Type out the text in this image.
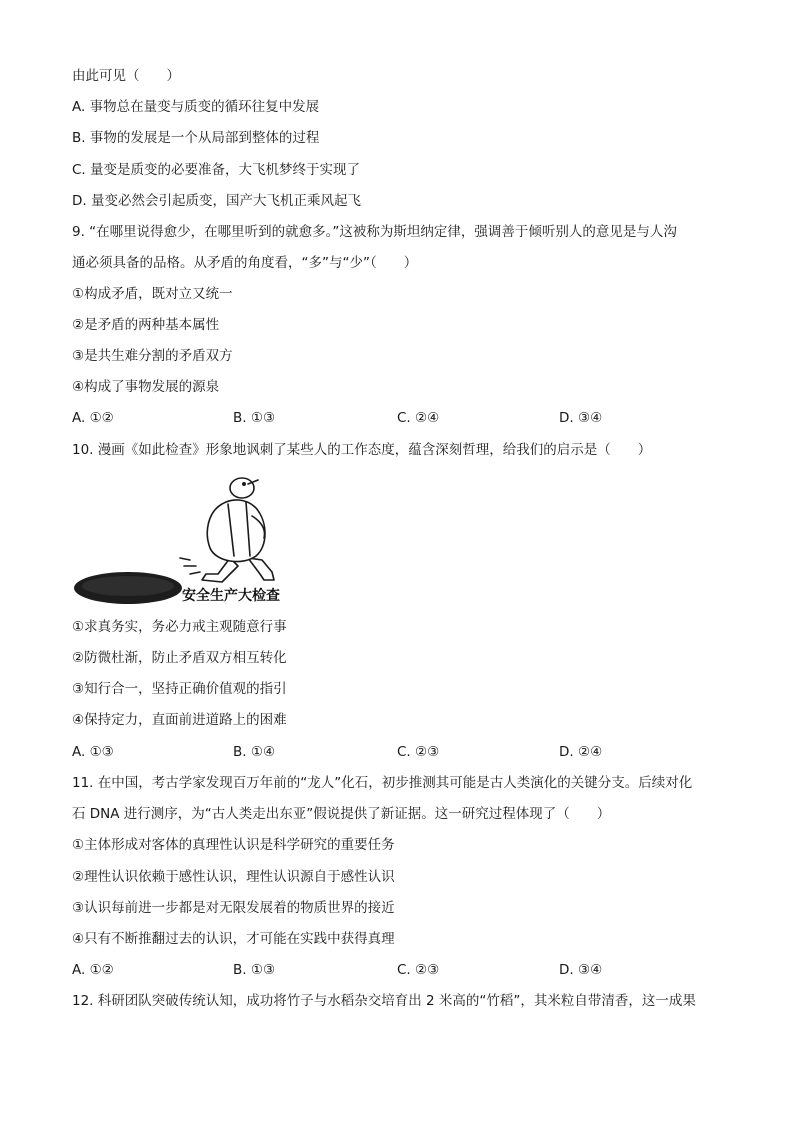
由此可见（　　）
A. 事物总在量变与质变的循环往复中发展
B. 事物的发展是一个从局部到整体的过程
C. 量变是质变的必要准备，大飞机梦终于实现了
D. 量变必然会引起质变，国产大飞机正乘风起飞
9. “在哪里说得愈少，在哪里听到的就愈多。”这被称为斯坦纳定律，强调善于倾听别人的意见是与人沟
通必须具备的品格。从矛盾的角度看，“多”与“少”（　　）
①构成矛盾，既对立又统一
②是矛盾的两种基本属性
③是共生难分割的矛盾双方
④构成了事物发展的源泉
A. ①②	B. ①③	C. ②④	D. ③④
10. 漫画《如此检查》形象地讽刺了某些人的工作态度，蕴含深刻哲理，给我们的启示是（　　）
安全生产大检查
①求真务实，务必力戒主观随意行事
②防微杜渐，防止矛盾双方相互转化
③知行合一，坚持正确价值观的指引
④保持定力，直面前进道路上的困难
A. ①③	B. ①④	C. ②③	D. ②④
11. 在中国，考古学家发现百万年前的“龙人”化石，初步推测其可能是古人类演化的关键分支。后续对化
石 DNA 进行测序，为“古人类走出东亚”假说提供了新证据。这一研究过程体现了（　　）
①主体形成对客体的真理性认识是科学研究的重要任务
②理性认识依赖于感性认识，理性认识源自于感性认识
③认识每前进一步都是对无限发展着的物质世界的接近
④只有不断推翻过去的认识，才可能在实践中获得真理
A. ①②	B. ①③	C. ②③	D. ③④
12. 科研团队突破传统认知，成功将竹子与水稻杂交培育出 2 米高的“竹稻”，其米粒自带清香，这一成果
